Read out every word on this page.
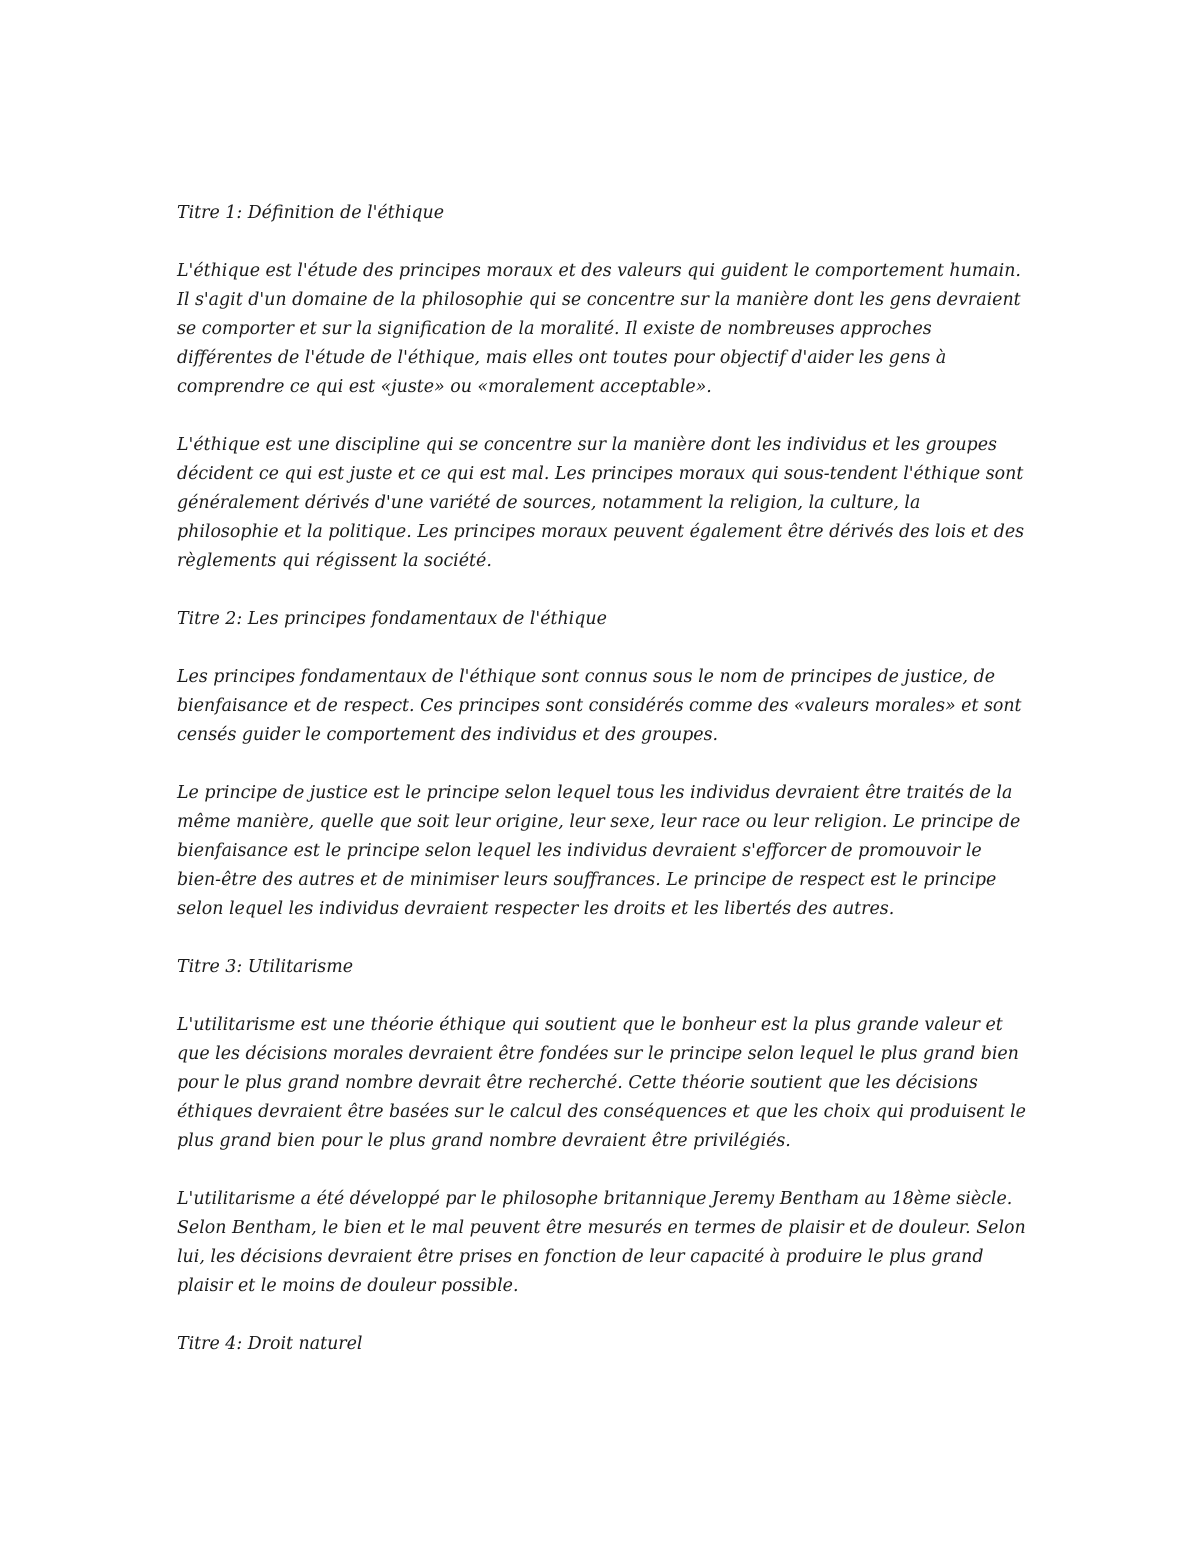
Titre 1: Définition de l'éthique
L'éthique est l'étude des principes moraux et des valeurs qui guident le comportement humain.
Il s'agit d'un domaine de la philosophie qui se concentre sur la manière dont les gens devraient
se comporter et sur la signification de la moralité. Il existe de nombreuses approches
différentes de l'étude de l'éthique, mais elles ont toutes pour objectif d'aider les gens à
comprendre ce qui est «juste» ou «moralement acceptable».
L'éthique est une discipline qui se concentre sur la manière dont les individus et les groupes
décident ce qui est juste et ce qui est mal. Les principes moraux qui sous-tendent l'éthique sont
généralement dérivés d'une variété de sources, notamment la religion, la culture, la
philosophie et la politique. Les principes moraux peuvent également être dérivés des lois et des
règlements qui régissent la société.
Titre 2: Les principes fondamentaux de l'éthique
Les principes fondamentaux de l'éthique sont connus sous le nom de principes de justice, de
bienfaisance et de respect. Ces principes sont considérés comme des «valeurs morales» et sont
censés guider le comportement des individus et des groupes.
Le principe de justice est le principe selon lequel tous les individus devraient être traités de la
même manière, quelle que soit leur origine, leur sexe, leur race ou leur religion. Le principe de
bienfaisance est le principe selon lequel les individus devraient s'efforcer de promouvoir le
bien-être des autres et de minimiser leurs souffrances. Le principe de respect est le principe
selon lequel les individus devraient respecter les droits et les libertés des autres.
Titre 3: Utilitarisme
L'utilitarisme est une théorie éthique qui soutient que le bonheur est la plus grande valeur et
que les décisions morales devraient être fondées sur le principe selon lequel le plus grand bien
pour le plus grand nombre devrait être recherché. Cette théorie soutient que les décisions
éthiques devraient être basées sur le calcul des conséquences et que les choix qui produisent le
plus grand bien pour le plus grand nombre devraient être privilégiés.
L'utilitarisme a été développé par le philosophe britannique Jeremy Bentham au 18ème siècle.
Selon Bentham, le bien et le mal peuvent être mesurés en termes de plaisir et de douleur. Selon
lui, les décisions devraient être prises en fonction de leur capacité à produire le plus grand
plaisir et le moins de douleur possible.
Titre 4: Droit naturel
